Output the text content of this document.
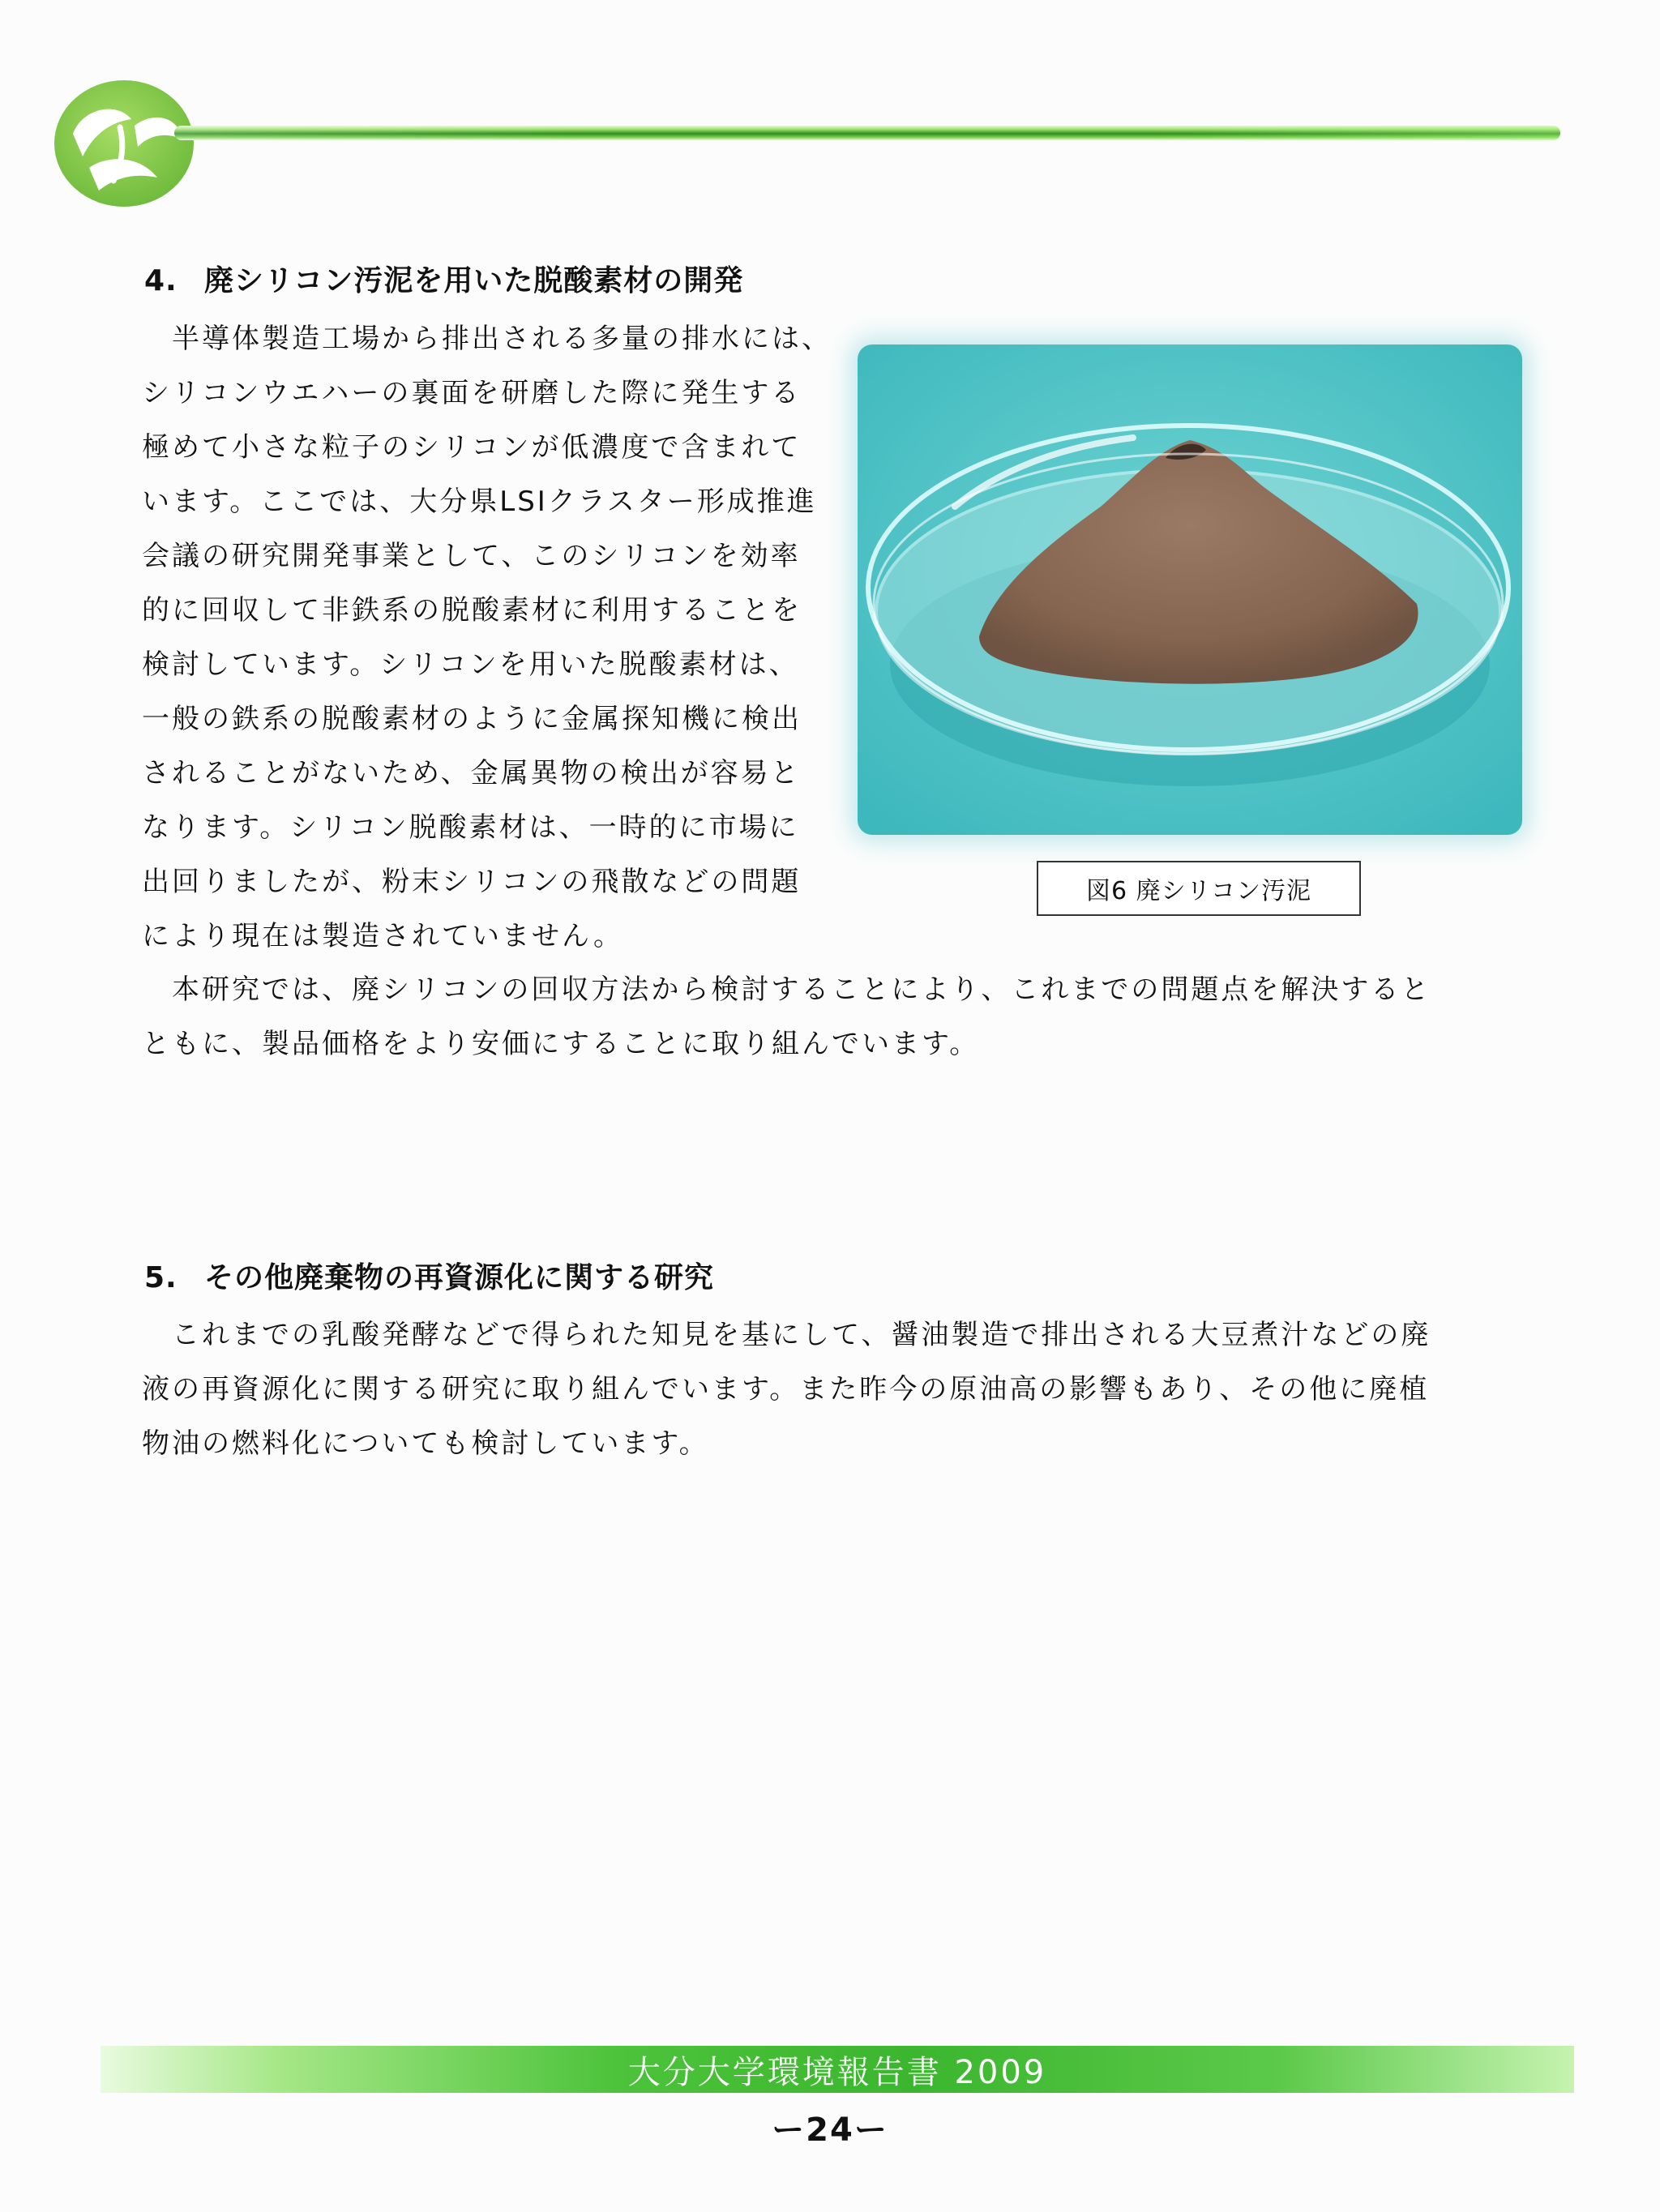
4. 廃シリコン汚泥を用いた脱酸素材の開発
　半導体製造工場から排出される多量の排水には、
シリコンウエハーの裏面を研磨した際に発生する
極めて小さな粒子のシリコンが低濃度で含まれて
います。ここでは、大分県LSIクラスター形成推進
会議の研究開発事業として、このシリコンを効率
的に回収して非鉄系の脱酸素材に利用することを
検討しています。シリコンを用いた脱酸素材は、
一般の鉄系の脱酸素材のように金属探知機に検出
されることがないため、金属異物の検出が容易と
なります。シリコン脱酸素材は、一時的に市場に
出回りましたが、粉末シリコンの飛散などの問題
により現在は製造されていません。
図6 廃シリコン汚泥
　本研究では、廃シリコンの回収方法から検討することにより、これまでの問題点を解決すると
ともに、製品価格をより安価にすることに取り組んでいます。
5. その他廃棄物の再資源化に関する研究
　これまでの乳酸発酵などで得られた知見を基にして、醤油製造で排出される大豆煮汁などの廃
液の再資源化に関する研究に取り組んでいます。また昨今の原油高の影響もあり、その他に廃植
物油の燃料化についても検討しています。
大分大学環境報告書 2009
ー24ー
